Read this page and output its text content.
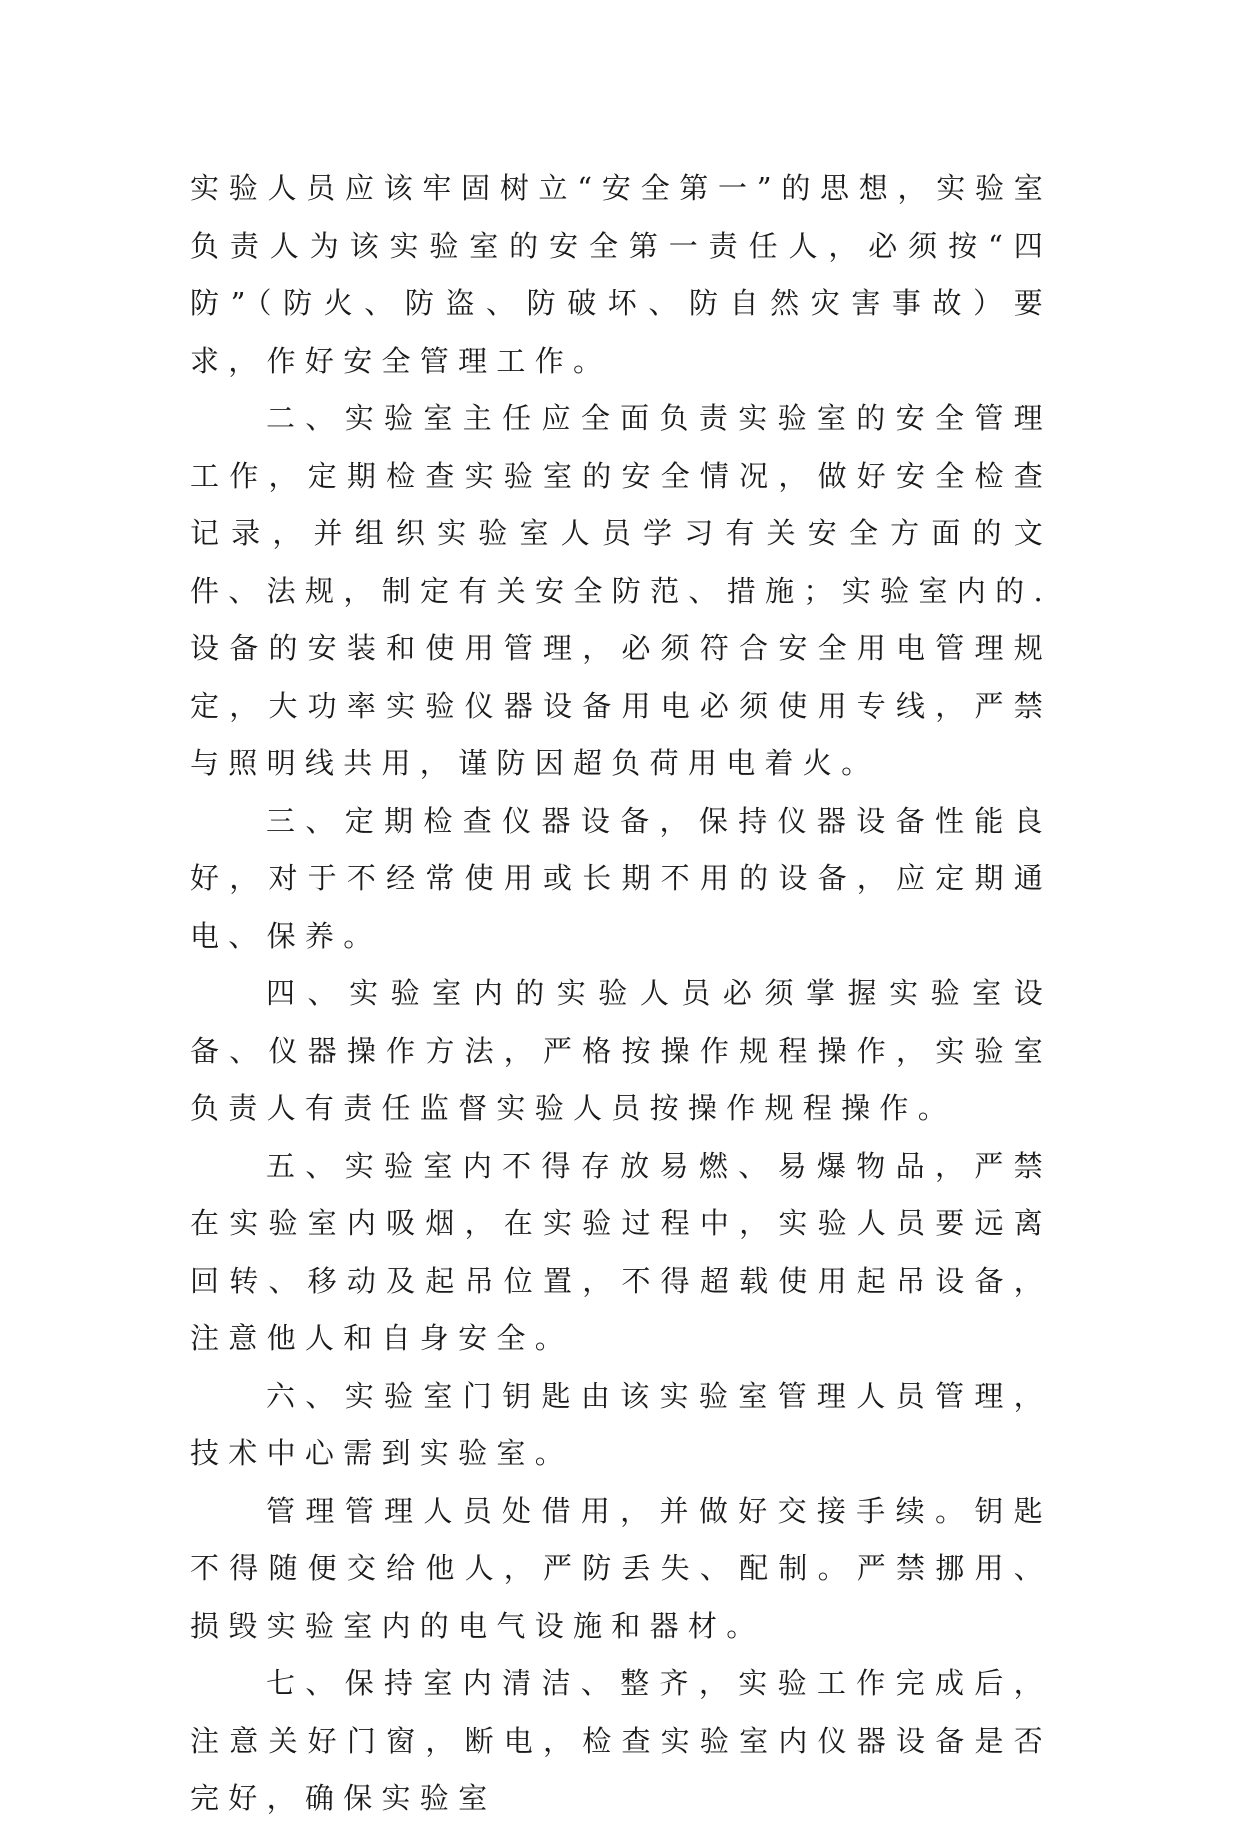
实验人员应该牢固树立“安全第一”的思想，实验室负责人为该实验室的安全第一责任人，必须按“四防”（防火、防盗、防破坏、防自然灾害事故）要求，作好安全管理工作。

二、实验室主任应全面负责实验室的安全管理工作，定期检查实验室的安全情况，做好安全检查记录，并组织实验室人员学习有关安全方面的文件、法规，制定有关安全防范、措施；实验室内的.设备的安装和使用管理，必须符合安全用电管理规定，大功率实验仪器设备用电必须使用专线，严禁与照明线共用，谨防因超负荷用电着火。

三、定期检查仪器设备，保持仪器设备性能良好，对于不经常使用或长期不用的设备，应定期通电、保养。

四、实验室内的实验人员必须掌握实验室设备、仪器操作方法，严格按操作规程操作，实验室负责人有责任监督实验人员按操作规程操作。

五、实验室内不得存放易燃、易爆物品，严禁在实验室内吸烟，在实验过程中，实验人员要远离回转、移动及起吊位置，不得超载使用起吊设备，注意他人和自身安全。

六、实验室门钥匙由该实验室管理人员管理，技术中心需到实验室。

管理管理人员处借用，并做好交接手续。钥匙不得随便交给他人，严防丢失、配制。严禁挪用、损毁实验室内的电气设施和器材。

七、保持室内清洁、整齐，实验工作完成后，注意关好门窗，断电，检查实验室内仪器设备是否完好，确保实验室
